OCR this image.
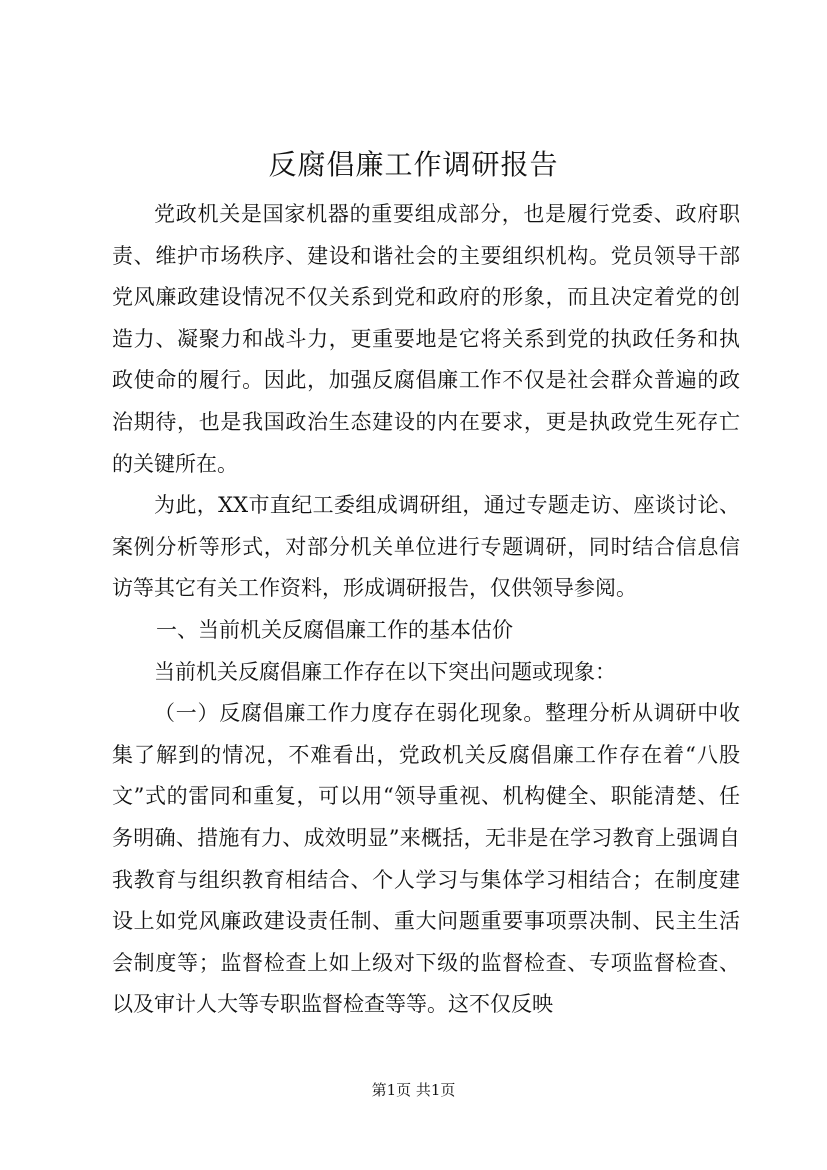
反腐倡廉工作调研报告

党政机关是国家机器的重要组成部分，也是履行党委、政府职责、维护市场秩序、建设和谐社会的主要组织机构。党员领导干部党风廉政建设情况不仅关系到党和政府的形象，而且决定着党的创造力、凝聚力和战斗力，更重要地是它将关系到党的执政任务和执政使命的履行。因此，加强反腐倡廉工作不仅是社会群众普遍的政治期待，也是我国政治生态建设的内在要求，更是执政党生死存亡的关键所在。

为此，XX市直纪工委组成调研组，通过专题走访、座谈讨论、案例分析等形式，对部分机关单位进行专题调研，同时结合信息信访等其它有关工作资料，形成调研报告，仅供领导参阅。

一、当前机关反腐倡廉工作的基本估价

当前机关反腐倡廉工作存在以下突出问题或现象：

（一）反腐倡廉工作力度存在弱化现象。整理分析从调研中收集了解到的情况，不难看出，党政机关反腐倡廉工作存在着“八股文”式的雷同和重复，可以用“领导重视、机构健全、职能清楚、任务明确、措施有力、成效明显”来概括，无非是在学习教育上强调自我教育与组织教育相结合、个人学习与集体学习相结合；在制度建设上如党风廉政建设责任制、重大问题重要事项票决制、民主生活会制度等；监督检查上如上级对下级的监督检查、专项监督检查、以及审计人大等专职监督检查等等。这不仅反映

第1页 共1页
